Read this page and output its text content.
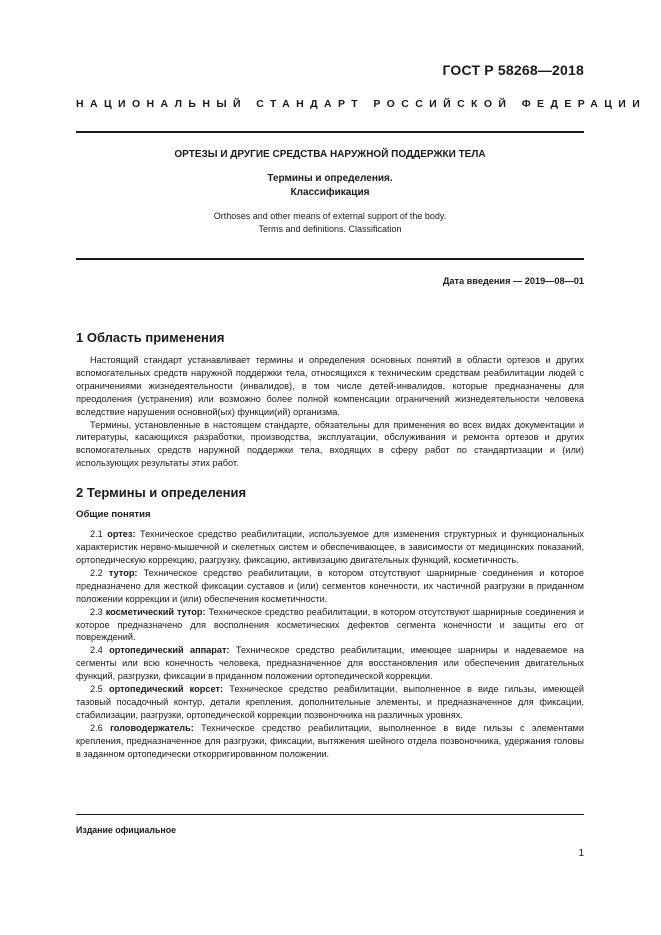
ГОСТ Р 58268—2018
НАЦИОНАЛЬНЫЙ СТАНДАРТ РОССИЙСКОЙ ФЕДЕРАЦИИ
ОРТЕЗЫ И ДРУГИЕ СРЕДСТВА НАРУЖНОЙ ПОДДЕРЖКИ ТЕЛА
Термины и определения.
Классификация
Orthoses and other means of external support of the body.
Terms and definitions. Classification
Дата введения — 2019—08—01
1 Область применения

Настоящий стандарт устанавливает термины и определения основных понятий в области ортезов и других вспомогательных средств наружной поддержки тела, относящихся к техническим средствам реабилитации людей с ограничениями жизнедеятельности (инвалидов), в том числе детей-инвалидов, которые предназначены для преодоления (устранения) или возможно более полной компенсации ограничений жизнедеятельности человека вследствие нарушения основной(ых) функции(ий) организма.

Термины, установленные в настоящем стандарте, обязательны для применения во всех видах документации и литературы, касающихся разработки, производства, эксплуатации, обслуживания и ремонта ортезов и других вспомогательных средств наружной поддержки тела, входящих в сферу работ по стандартизации и (или) использующих результаты этих работ.

2 Термины и определения
Общие понятия

2.1 ортез: Техническое средство реабилитации, используемое для изменения структурных и функциональных характеристик нервно-мышечной и скелетных систем и обеспечивающее, в зависимости от медицинских показаний, ортопедическую коррекцию, разгрузку, фиксацию, активизацию двигательных функций, косметичность.

2.2 тутор: Техническое средство реабилитации, в котором отсутствуют шарнирные соединения и которое предназначено для жесткой фиксации суставов и (или) сегментов конечности, их частичной разгрузки в приданном положении коррекции и (или) обеспечения косметичности.

2.3 косметический тутор: Техническое средство реабилитации, в котором отсутствуют шарнирные соединения и которое предназначено для восполнения косметических дефектов сегмента конечности и защиты его от повреждений.

2.4 ортопедический аппарат: Техническое средство реабилитации, имеющее шарниры и надеваемое на сегменты или всю конечность человека, предназначенное для восстановления или обеспечения двигательных функций, разгрузки, фиксации в приданном положении ортопедической коррекции.

2.5 ортопедический корсет: Техническое средство реабилитации, выполненное в виде гильзы, имеющей тазовый посадочный контур, детали крепления, дополнительные элементы, и предназначенное для фиксации, стабилизации, разгрузки, ортопедической коррекции позвоночника на различных уровнях.

2.6 головодержатель: Техническое средство реабилитации, выполненное в виде гильзы с элементами крепления, предназначенное для разгрузки, фиксации, вытяжения шейного отдела позвоночника, удержания головы в заданном ортопедически откорригированном положении.

Издание официальное
1
